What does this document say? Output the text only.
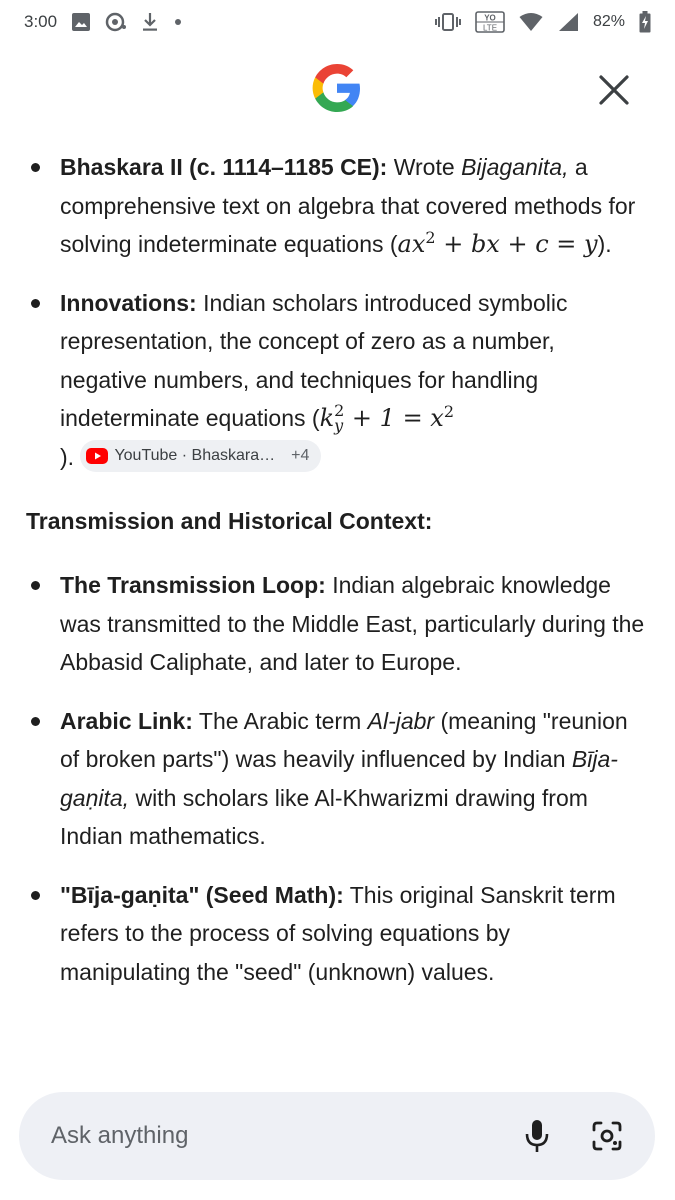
3:00	YO
LTE	82%
Bhaskara II (c. 1114–1185 CE): Wrote Bijaganita, a comprehensive text on algebra that covered methods for solving indeterminate equations ($ax^2$ + bx + c = y).
Innovations: Indian scholars introduced symbolic representation, the concept of zero as a number, negative numbers, and techniques for handling indeterminate equations (k 2
$y + 1 = x^2$
).	YouTube · Bhaskara… +4
Transmission and Historical Context:
The Transmission Loop: Indian algebraic knowledge was transmitted to the Middle East, particularly during the Abbasid Caliphate, and later to Europe.
Arabic Link: The Arabic term Al-jabr (meaning "reunion of broken parts") was heavily influenced by Indian Bīja-gaṇita, with scholars like Al-Khwarizmi drawing from Indian mathematics.
"Bīja-gaṇita" (Seed Math): This original Sanskrit term refers to the process of solving equations by manipulating the "seed" (unknown) values.
Ask anything
